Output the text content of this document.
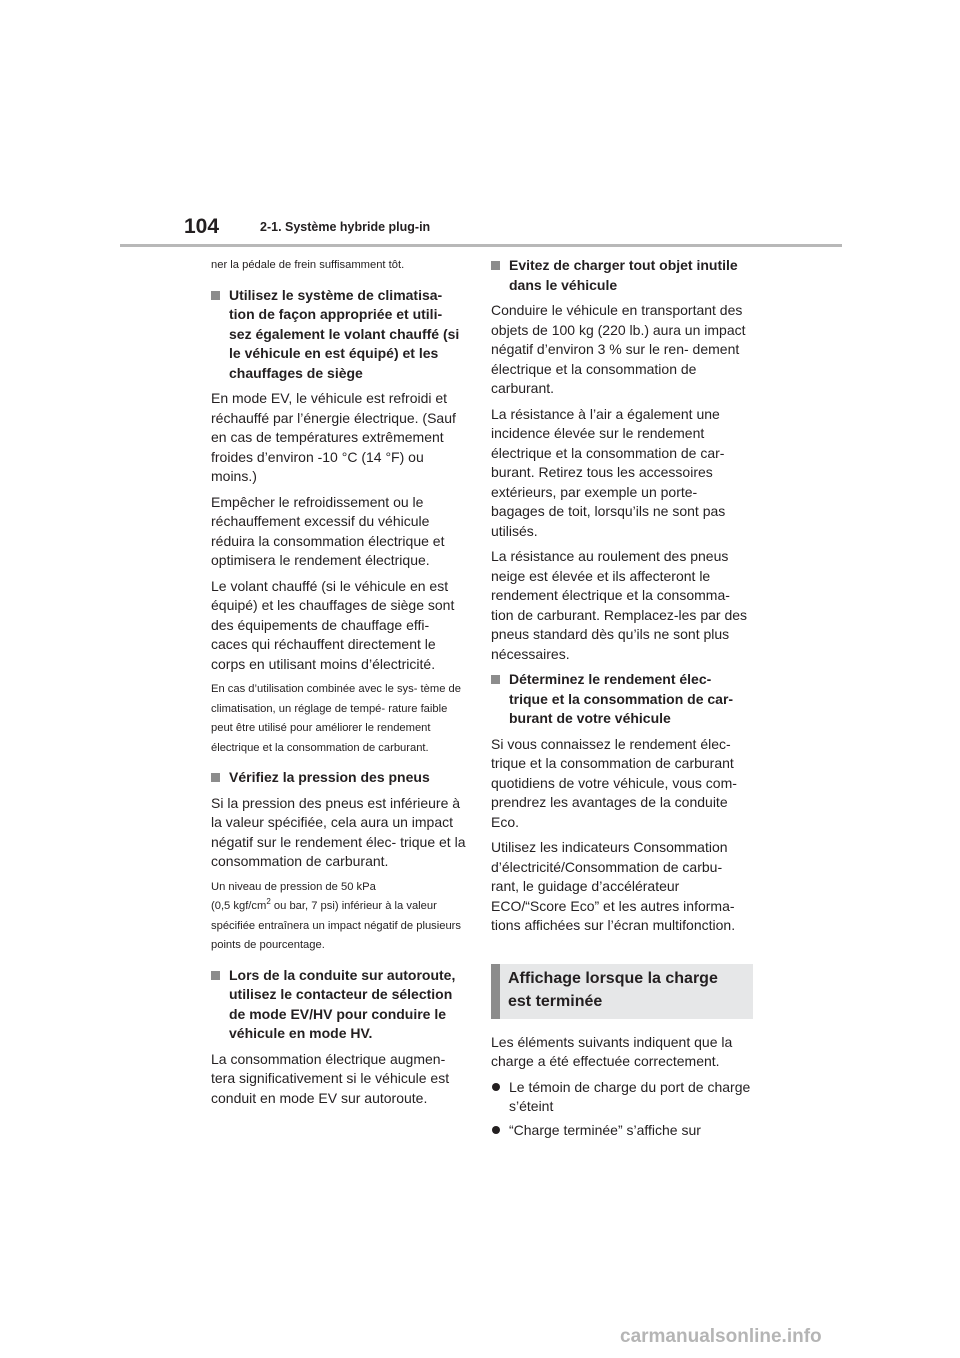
104	2-1. Système hybride plug-in

ner la pédale de frein suffisamment tôt.

Utilisez le système de climatisa- tion de façon appropriée et utili- sez également le volant chauffé (si le véhicule en est équipé) et les chauffages de siège

En mode EV, le véhicule est refroidi et réchauffé par l’énergie électrique. (Sauf en cas de températures extrêmement froides d’environ -10 °C (14 °F) ou moins.)

Empêcher le refroidissement ou le réchauffement excessif du véhicule réduira la consommation électrique et optimisera le rendement électrique.

Le volant chauffé (si le véhicule en est équipé) et les chauffages de siège sont des équipements de chauffage effi- caces qui réchauffent directement le corps en utilisant moins d’électricité.

En cas d’utilisation combinée avec le sys- tème de climatisation, un réglage de tempé- rature faible peut être utilisé pour améliorer le rendement électrique et la consommation de carburant.

Vérifiez la pression des pneus

Si la pression des pneus est inférieure à la valeur spécifiée, cela aura un impact négatif sur le rendement élec- trique et la consommation de carburant.

Un niveau de pression de 50 kPa
(0,5 kgf/$cm^2$ ou bar, 7 psi) inférieur à la valeur spécifiée entraînera un impact négatif de plusieurs points de pourcentage.

Lors de la conduite sur autoroute, utilisez le contacteur de sélection de mode EV/HV pour conduire le véhicule en mode HV.

La consommation électrique augmen- tera significativement si le véhicule est conduit en mode EV sur autoroute.

Evitez de charger tout objet inutile dans le véhicule

Conduire le véhicule en transportant des objets de 100 kg (220 lb.) aura un impact négatif d’environ 3 % sur le ren- dement électrique et la consommation de carburant.

La résistance à l’air a également une incidence élevée sur le rendement électrique et la consommation de car- burant. Retirez tous les accessoires extérieurs, par exemple un porte- bagages de toit, lorsqu’ils ne sont pas utilisés.

La résistance au roulement des pneus neige est élevée et ils affecteront le rendement électrique et la consomma- tion de carburant. Remplacez-les par des pneus standard dès qu’ils ne sont plus nécessaires.

Déterminez le rendement élec- trique et la consommation de car- burant de votre véhicule

Si vous connaissez le rendement élec- trique et la consommation de carburant quotidiens de votre véhicule, vous com- prendrez les avantages de la conduite Eco.

Utilisez les indicateurs Consommation d’électricité/Consommation de carbu- rant, le guidage d’accélérateur ECO/“Score Eco” et les autres informa- tions affichées sur l’écran multifonction.

Affichage lorsque la charge est terminée

Les éléments suivants indiquent que la charge a été effectuée correctement.

Le témoin de charge du port de charge s’éteint
“Charge terminée” s’affiche sur
carmanualsonline.info
